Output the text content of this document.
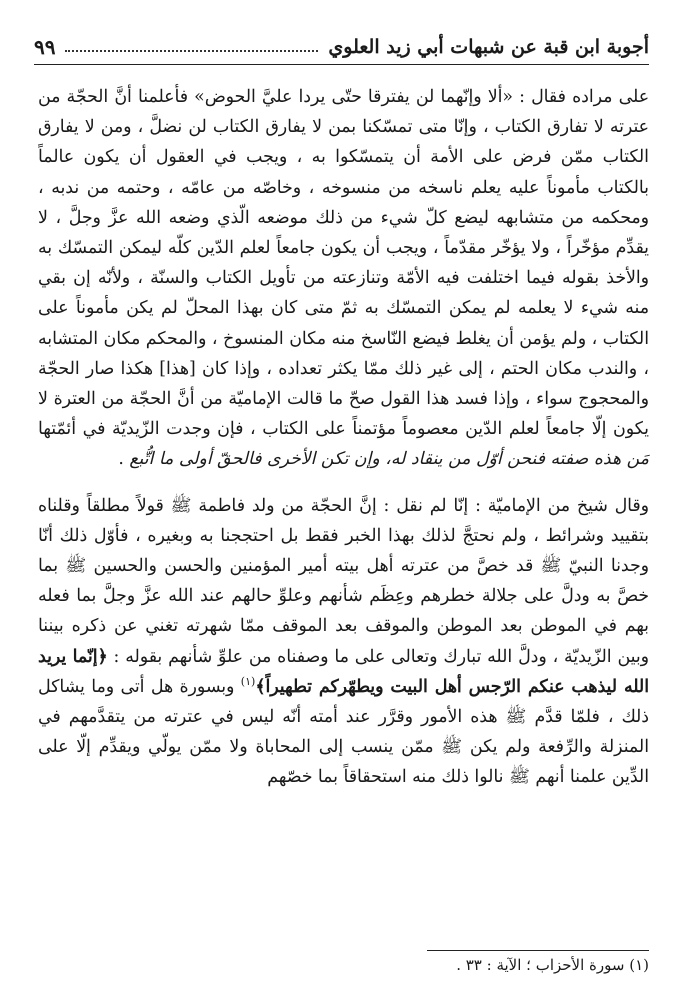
أجوبة ابن قبة عن شبهات أبي زيد العلوي
٩٩

على مراده فقال : «ألا وإنّهما لن يفترقا حتّى يردا عليَّ الحوض» فأعلمنا أنَّ الحجّة من عترته لا تفارق الكتاب ، وإنّا متى تمسّكنا بمن لا يفارق الكتاب لن نضلَّ ، ومن لا يفارق الكتاب ممّن فرض على الأمة أن يتمسّكوا به ، ويجب في العقول أن يكون عالماً بالكتاب مأموناً عليه يعلم ناسخه من منسوخه ، وخاصّه من عامّه ، وحتمه من ندبه ، ومحكمه من متشابهه ليضع كلّ شيء من ذلك موضعه الّذي وضعه الله عزَّ وجلَّ ، لا يقدِّم مؤخّراً ، ولا يؤخّر مقدّماً ، ويجب أن يكون جامعاً لعلم الدّين كلّه ليمكن التمسّك به والأخذ بقوله فيما اختلفت فيه الأمّة وتنازعته من تأويل الكتاب والسنّة ، ولأنّه إن بقي منه شيء لا يعلمه لم يمكن التمسّك به ثمّ متى كان بهذا المحلّ لم يكن مأموناً على الكتاب ، ولم يؤمن أن يغلط فيضع النّاسخ منه مكان المنسوخ ، والمحكم مكان المتشابه ، والندب مكان الحتم ، إلى غير ذلك ممّا يكثر تعداده ، وإذا كان [هذا] هكذا صار الحجّة والمحجوج سواء ، وإذا فسد هذا القول صحّ ما قالت الإماميّة من أنَّ الحجّة من العترة لا يكون إلّا جامعاً لعلم الدّين معصوماً مؤتمناً على الكتاب ، فإن وجدت الزّيديّة في أئمّتها مَن هذه صفته فنحن أوّل من ينقاد له، وإن تكن الأخرى فالحقّ أولى ما اتُّبع .

وقال شيخ من الإماميّة : إنّا لم نقل : إنَّ الحجّة من ولد فاطمة ﷺ قولاً مطلقاً وقلناه بتقييد وشرائط ، ولم نحتجَّ لذلك بهذا الخبر فقط بل احتججنا به وبغيره ، فأوّل ذلك أنّا وجدنا النبيّ ﷺ قد خصَّ من عترته أهل بيته أمير المؤمنين والحسن والحسين ﷺ بما خصَّ به ودلَّ على جلالة خطرهم وعِظَم شأنهم وعلوِّ حالهم عند الله عزَّ وجلَّ بما فعله بهم في الموطن بعد الموطن والموقف بعد الموقف ممّا شهرته تغني عن ذكره بيننا وبين الزّيديّة ، ودلَّ الله تبارك وتعالى على ما وصفناه من علوِّ شأنهم بقوله : ﴿إنّما يريد الله ليذهب عنكم الرّجس أهل البيت ويطهّركم تطهيراً﴾$^{(١)}$ وبسورة هل أتى وما يشاكل ذلك ، فلمّا قدَّم ﷺ هذه الأمور وقرَّر عند أمته أنّه ليس في عترته من يتقدَّمهم في المنزلة والرِّفعة ولم يكن ﷺ ممّن ينسب إلى المحاباة ولا ممّن يولّي ويقدِّم إلّا على الدِّين علمنا أنهم ﷺ نالوا ذلك منه استحقاقاً بما خصّهم

(١) سورة الأحزاب ؛ الآية : ٣٣ .
